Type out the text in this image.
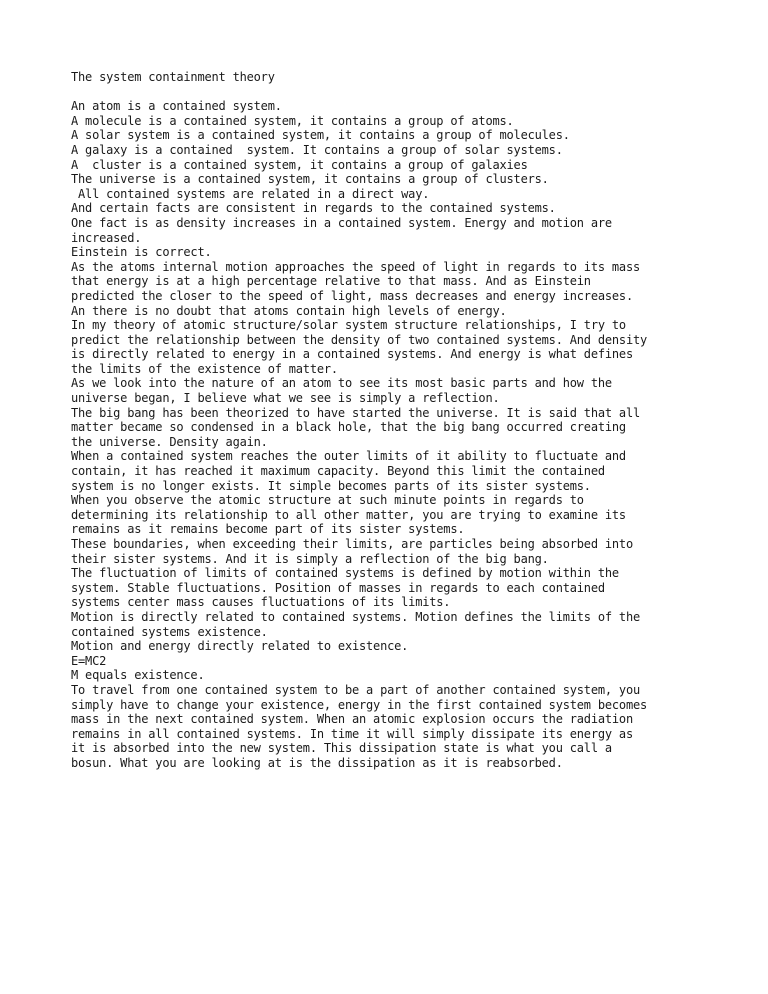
The system containment theory
An atom is a contained system.
A molecule is a contained system, it contains a group of atoms.
A solar system is a contained system, it contains a group of molecules.
A galaxy is a contained  system. It contains a group of solar systems.
A  cluster is a contained system, it contains a group of galaxies
The universe is a contained system, it contains a group of clusters.
All contained systems are related in a direct way.
And certain facts are consistent in regards to the contained systems.
One fact is as density increases in a contained system. Energy and motion are
increased.
Einstein is correct.
As the atoms internal motion approaches the speed of light in regards to its mass
that energy is at a high percentage relative to that mass. And as Einstein
predicted the closer to the speed of light, mass decreases and energy increases.
An there is no doubt that atoms contain high levels of energy.
In my theory of atomic structure/solar system structure relationships, I try to
predict the relationship between the density of two contained systems. And density
is directly related to energy in a contained systems. And energy is what defines
the limits of the existence of matter.
As we look into the nature of an atom to see its most basic parts and how the
universe began, I believe what we see is simply a reflection.
The big bang has been theorized to have started the universe. It is said that all
matter became so condensed in a black hole, that the big bang occurred creating
the universe. Density again.
When a contained system reaches the outer limits of it ability to fluctuate and
contain, it has reached it maximum capacity. Beyond this limit the contained
system is no longer exists. It simple becomes parts of its sister systems.
When you observe the atomic structure at such minute points in regards to
determining its relationship to all other matter, you are trying to examine its
remains as it remains become part of its sister systems.
These boundaries, when exceeding their limits, are particles being absorbed into
their sister systems. And it is simply a reflection of the big bang.
The fluctuation of limits of contained systems is defined by motion within the
system. Stable fluctuations. Position of masses in regards to each contained
systems center mass causes fluctuations of its limits.
Motion is directly related to contained systems. Motion defines the limits of the
contained systems existence.
Motion and energy directly related to existence.
E=MC2
M equals existence.
To travel from one contained system to be a part of another contained system, you
simply have to change your existence, energy in the first contained system becomes
mass in the next contained system. When an atomic explosion occurs the radiation
remains in all contained systems. In time it will simply dissipate its energy as
it is absorbed into the new system. This dissipation state is what you call a
bosun. What you are looking at is the dissipation as it is reabsorbed.
